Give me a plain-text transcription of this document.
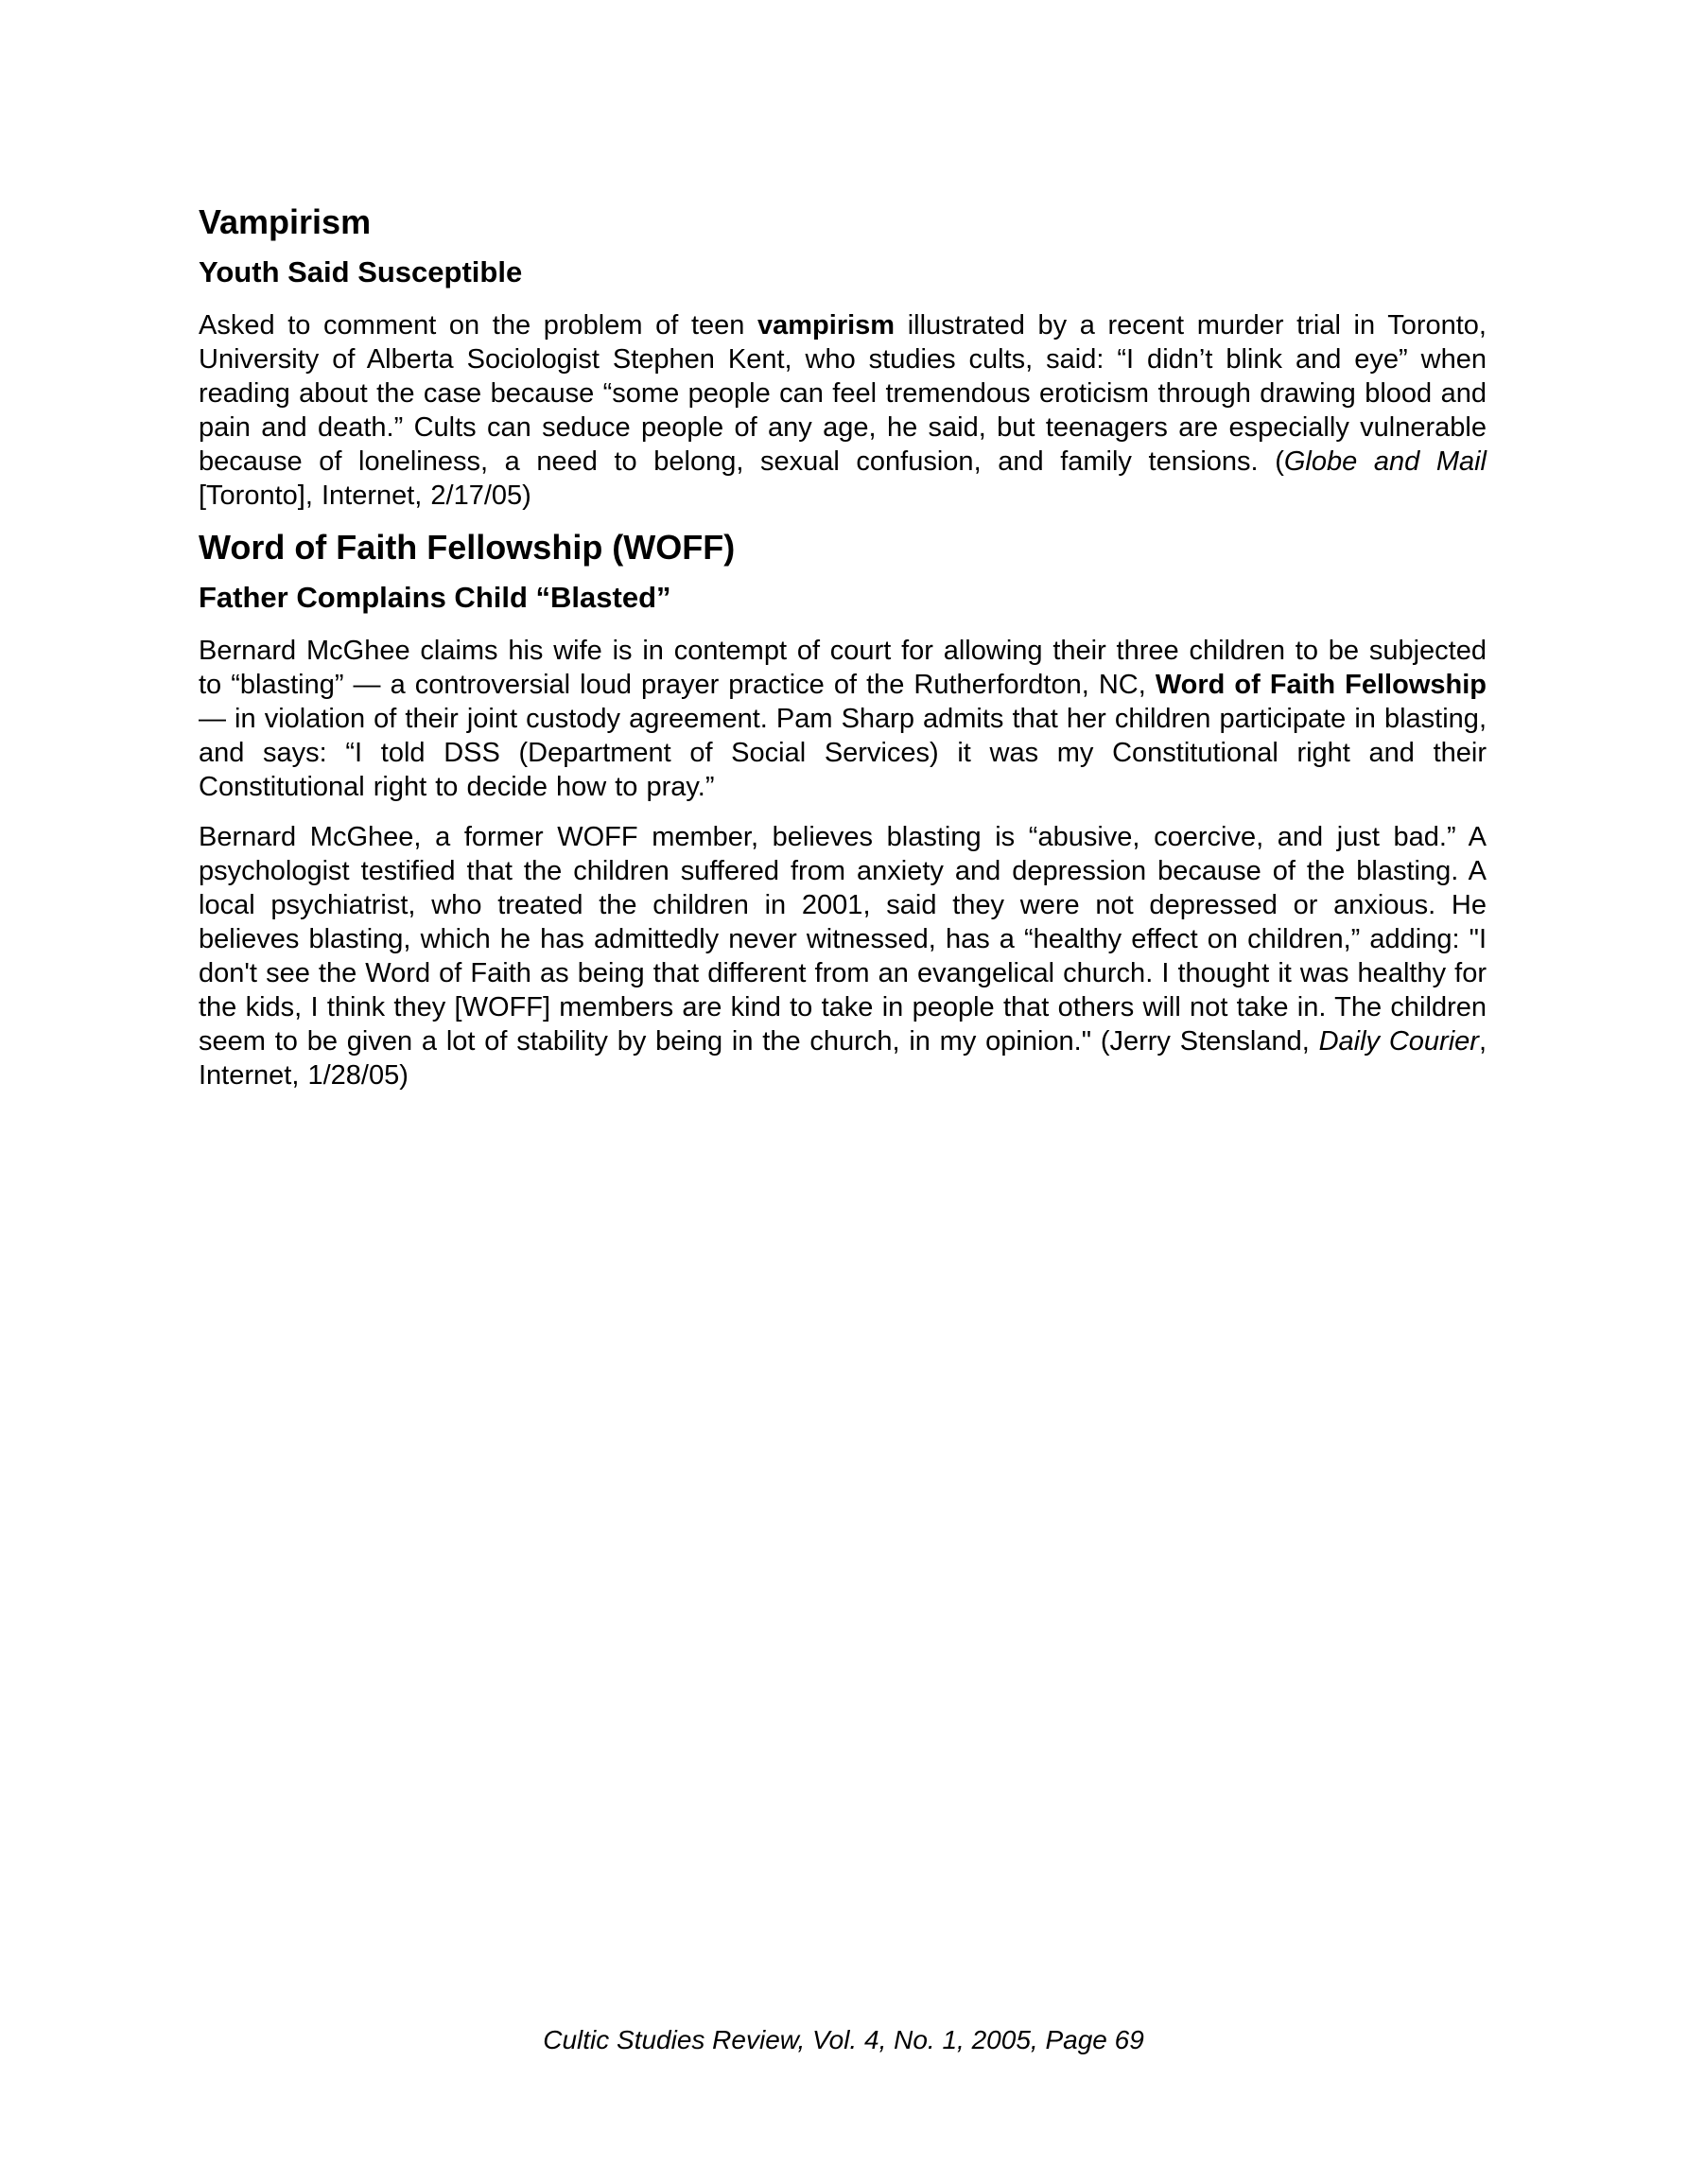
Vampirism
Youth Said Susceptible

Asked to comment on the problem of teen vampirism illustrated by a recent murder trial in Toronto, University of Alberta Sociologist Stephen Kent, who studies cults, said: “I didn’t blink and eye” when reading about the case because “some people can feel tremendous eroticism through drawing blood and pain and death.” Cults can seduce people of any age, he said, but teenagers are especially vulnerable because of loneliness, a need to belong, sexual confusion, and family tensions. (Globe and Mail [Toronto], Internet, 2/17/05)

Word of Faith Fellowship (WOFF)
Father Complains Child “Blasted”

Bernard McGhee claims his wife is in contempt of court for allowing their three children to be subjected to “blasting” — a controversial loud prayer practice of the Rutherfordton, NC, Word of Faith Fellowship — in violation of their joint custody agreement. Pam Sharp admits that her children participate in blasting, and says: “I told DSS (Department of Social Services) it was my Constitutional right and their Constitutional right to decide how to pray.”

Bernard McGhee, a former WOFF member, believes blasting is “abusive, coercive, and just bad.” A psychologist testified that the children suffered from anxiety and depression because of the blasting. A local psychiatrist, who treated the children in 2001, said they were not depressed or anxious. He believes blasting, which he has admittedly never witnessed, has a “healthy effect on children,” adding: "I don't see the Word of Faith as being that different from an evangelical church. I thought it was healthy for the kids, I think they [WOFF] members are kind to take in people that others will not take in. The children seem to be given a lot of stability by being in the church, in my opinion." (Jerry Stensland, Daily Courier, Internet, 1/28/05)

Cultic Studies Review, Vol. 4, No. 1, 2005, Page 69
